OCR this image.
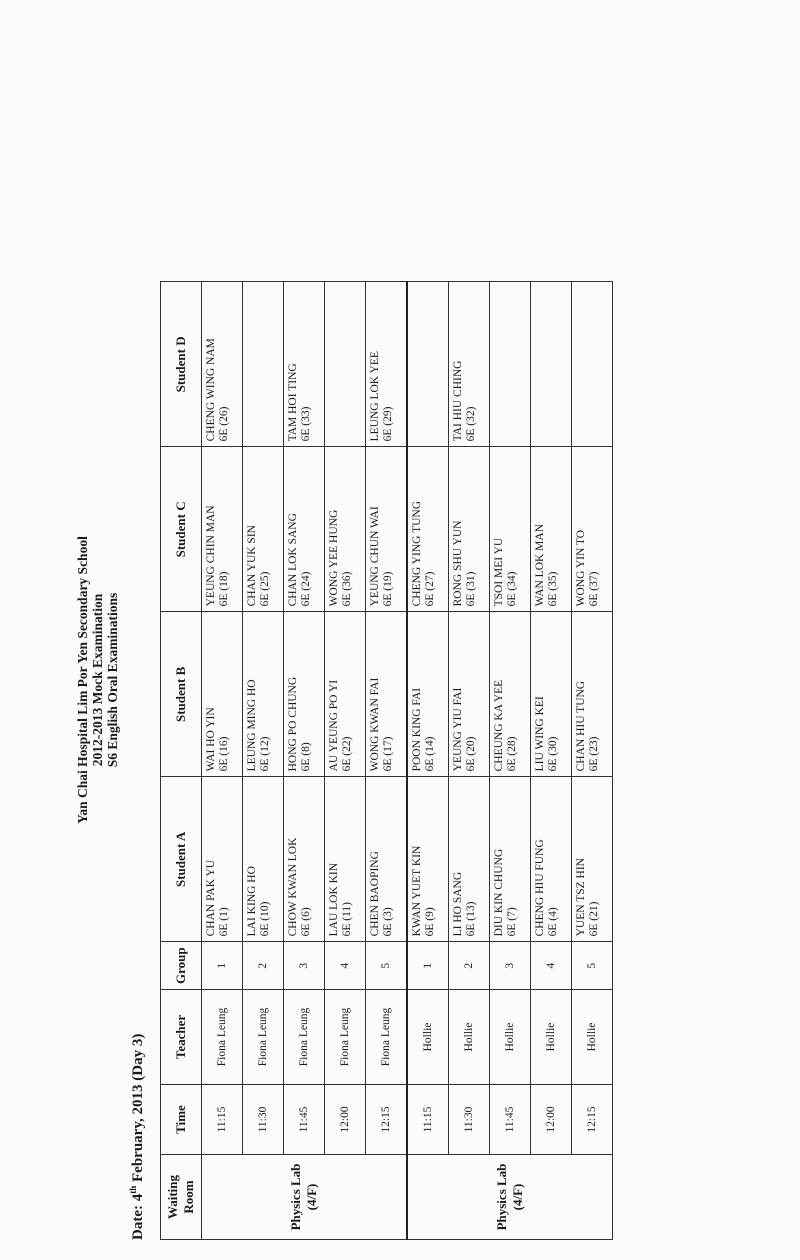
Yan Chai Hospital Lim Por Yen Secondary School 2012-2013 Mock Examination S6 English Oral Examinations
Date: 4th February, 2013 (Day 3)
Waiting Room	Time	Teacher	Group	Student A	Student B	Student C	Student D
Physics Lab (4/F)	11:15	Fiona Leung	1	CHAN PAK YU 6E (1)	WAI HO YIN 6E (16)	YEUNG CHIN MAN 6E (18)	CHENG WING NAM 6E (26)

	11:30	Fiona Leung	2	LAI KING HO 6E (10)	LEUNG MING HO 6E (12)	CHAN YUK SIN 6E (25)	

	11:45	Fiona Leung	3	CHOW KWAN LOK 6E (6)	HONG PO CHUNG 6E (8)	CHAN LOK SANG 6E (24)	TAM HOI TING 6E (33)

	12:00	Fiona Leung	4	LAU LOK KIN 6E (11)	AU YEUNG PO YI 6E (22)	WONG YEE HUNG 6E (36)	

	12:15	Fiona Leung	5	CHEN BAOPING 6E (3)	WONG KWAN FAI 6E (17)	YEUNG CHUN WAI 6E (19)	LEUNG LOK YEE 6E (29)

Physics Lab (4/F)	11:15	Hollie	1	KWAN YUET KIN 6E (9)	POON KING FAI 6E (14)	CHENG YING TUNG 6E (27)	

	11:30	Hollie	2	LI HO SANG 6E (13)	YEUNG YIU FAI 6E (20)	RONG SHU YUN 6E (31)	TAI HIU CHING 6E (32)

	11:45	Hollie	3	DIU KIN CHUNG 6E (7)	CHEUNG KA YEE 6E (28)	TSOI MEI YU 6E (34)	

	12:00	Hollie	4	CHENG HIU FUNG 6E (4)	LIU WING KEI 6E (30)	WAN LOK MAN 6E (35)	

	12:15	Hollie	5	YUEN TSZ HIN 6E (21)	CHAN HIU TUNG 6E (23)	WONG YIN TO 6E (37)	
